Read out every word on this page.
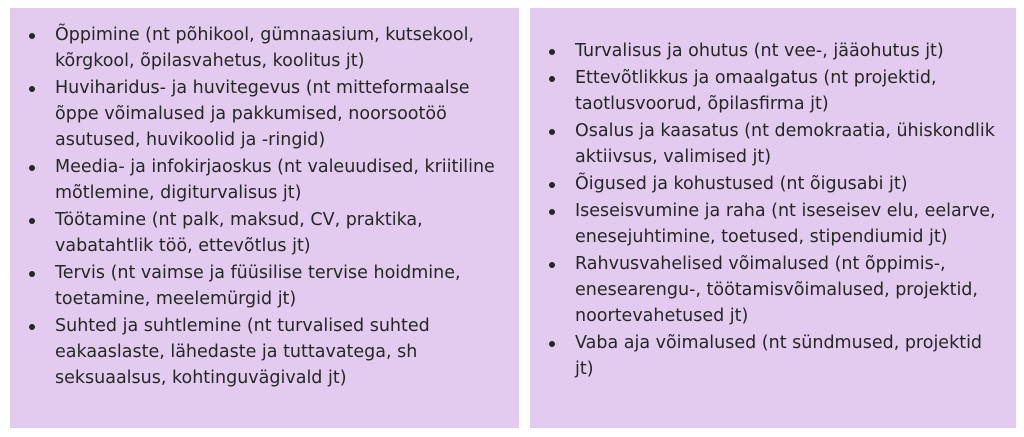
Õppimine (nt põhikool, gümnaasium, kutsekool, kõrgkool, õpilasvahetus, koolitus jt)
Huviharidus- ja huvitegevus (nt mitteformaalse õppe võimalused ja pakkumised, noorsootöö asutused, huvikoolid ja -ringid)
Meedia- ja infokirjaoskus (nt valeuudised, kriitiline mõtlemine, digiturvalisus jt)
Töötamine (nt palk, maksud, CV, praktika, vabatahtlik töö, ettevõtlus jt)
Tervis (nt vaimse ja füüsilise tervise hoidmine, toetamine, meelemürgid jt)
Suhted ja suhtlemine (nt turvalised suhted eakaaslaste, lähedaste ja tuttavatega, sh seksuaalsus, kohtinguvägivald jt)
Turvalisus ja ohutus (nt vee-, jääohutus jt)
Ettevõtlikkus ja omaalgatus (nt projektid, taotlusvoorud, õpilasfirma jt)
Osalus ja kaasatus (nt demokraatia, ühiskondlik aktiivsus, valimised jt)
Õigused ja kohustused (nt õigusabi jt)
Iseseisvumine ja raha (nt iseseisev elu, eelarve, enesejuhtimine, toetused, stipendiumid jt)
Rahvusvahelised võimalused (nt õppimis-, enesearengu-, töötamisvõimalused, projektid, noortevahetused jt)
Vaba aja võimalused (nt sündmused, projektid jt)
